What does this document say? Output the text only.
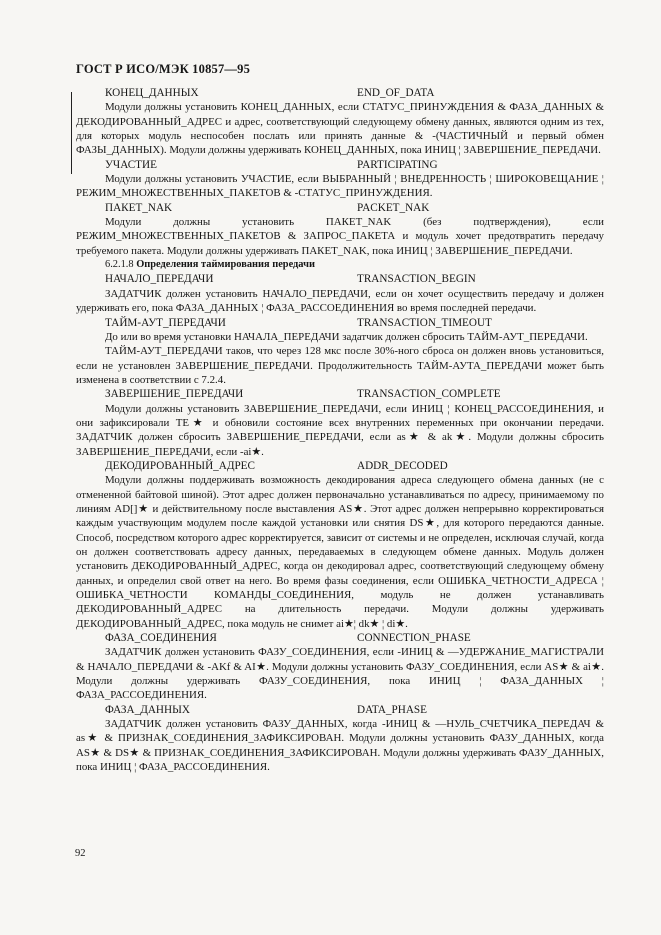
ГОСТ Р ИСО/МЭК 10857—95
КОНЕЦ_ДАННЫХ	END_OF_DATA

Модули должны установить КОНЕЦ_ДАННЫХ, если СТАТУС_ПРИНУЖДЕНИЯ & ФАЗА_ДАННЫХ & ДЕКОДИРОВАННЫЙ_АДРЕС и адрес, соответствующий следующему обмену данных, являются одним из тех, для которых модуль неспособен послать или принять данные & -(ЧАСТИЧНЫЙ и первый обмен ФАЗЫ_ДАННЫХ). Модули должны удерживать КОНЕЦ_ДАННЫХ, пока ИНИЦ ¦ ЗАВЕРШЕНИЕ_ПЕРЕДАЧИ.

УЧАСТИЕ	PARTICIPATING

Модули должны установить УЧАСТИЕ, если ВЫБРАННЫЙ ¦ ВНЕДРЕННОСТЬ ¦ ШИРОКОВЕЩАНИЕ ¦ РЕЖИМ_МНОЖЕСТВЕННЫХ_ПАКЕТОВ & -СТАТУС_ПРИНУЖДЕНИЯ.

ПАКЕТ_NAK	PACKET_NAK

Модули должны установить ПАКЕТ_NAK (без подтверждения), если РЕЖИМ_МНОЖЕСТВЕННЫХ_ПАКЕТОВ & ЗАПРОС_ПАКЕТА и модуль хочет предотвратить передачу требуемого пакета. Модули должны удерживать ПАКЕТ_NAK, пока ИНИЦ ¦ ЗАВЕРШЕНИЕ_ПЕРЕДАЧИ.

6.2.1.8 Определения таймирования передачи
НАЧАЛО_ПЕРЕДАЧИ	TRANSACTION_BEGIN

ЗАДАТЧИК должен установить НАЧАЛО_ПЕРЕДАЧИ, если он хочет осуществить передачу и должен удерживать его, пока ФАЗА_ДАННЫХ ¦ ФАЗА_РАССОЕДИНЕНИЯ во время последней передачи.

ТАЙМ-АУТ_ПЕРЕДАЧИ	TRANSACTION_TIMEOUT

До или во время установки НАЧАЛА_ПЕРЕДАЧИ задатчик должен сбросить ТАЙМ-АУТ_ПЕРЕДАЧИ.

ТАЙМ-АУТ_ПЕРЕДАЧИ таков, что через 128 мкс после 30%-ного сброса он должен вновь установиться, если не установлен ЗАВЕРШЕНИЕ_ПЕРЕДАЧИ. Продолжительность ТАЙМ-АУТА_ПЕРЕДАЧИ может быть изменена в соответствии с 7.2.4.

ЗАВЕРШЕНИЕ_ПЕРЕДАЧИ	TRANSACTION_COMPLETE

Модули должны установить ЗАВЕРШЕНИЕ_ПЕРЕДАЧИ, если ИНИЦ ¦ КОНЕЦ_РАССОЕДИНЕНИЯ, и они зафиксировали ТЕ★ и обновили состояние всех внутренних переменных при окончании передачи. ЗАДАТЧИК должен сбросить ЗАВЕРШЕНИЕ_ПЕРЕДАЧИ, если as★ & ak★. Модули должны сбросить ЗАВЕРШЕНИЕ_ПЕРЕДАЧИ, если -ai★.

ДЕКОДИРОВАННЫЙ_АДРЕС	ADDR_DECODED

Модули должны поддерживать возможность декодирования адреса следующего обмена данных (не с отмененной байтовой шиной). Этот адрес должен первоначально устанавливаться по адресу, принимаемому по линиям AD[]★ и действительному после выставления AS★. Этот адрес должен непрерывно корректироваться каждым участвующим модулем после каждой установки или снятия DS★, для которого передаются данные. Способ, посредством которого адрес корректируется, зависит от системы и не определен, исключая случай, когда он должен соответствовать адресу данных, передаваемых в следующем обмене данных. Модуль должен установить ДЕКОДИРОВАННЫЙ_АДРЕС, когда он декодировал адрес, соответствующий следующему обмену данных, и определил свой ответ на него. Во время фазы соединения, если ОШИБКА_ЧЕТНОСТИ_АДРЕСА ¦ ОШИБКА_ЧЕТНОСТИ КОМАНДЫ_СОЕДИНЕНИЯ, модуль не должен устанавливать ДЕКОДИРОВАННЫЙ_АДРЕС на длительность передачи. Модули должны удерживать ДЕКОДИРОВАННЫЙ_АДРЕС, пока модуль не снимет ai★¦ dk★ ¦ di★.

ФАЗА_СОЕДИНЕНИЯ	CONNECTION_PHASE

ЗАДАТЧИК должен установить ФАЗУ_СОЕДИНЕНИЯ, если -ИНИЦ & —УДЕРЖАНИЕ_МАГИСТРАЛИ & НАЧАЛО_ПЕРЕДАЧИ & -AKf & AI★. Модули должны установить ФАЗУ_СОЕДИНЕНИЯ, если AS★ & ai★. Модули должны удерживать ФАЗУ_СОЕДИНЕНИЯ, пока ИНИЦ ¦ ФАЗА_ДАННЫХ ¦ ФАЗА_РАССОЕДИНЕНИЯ.

ФАЗА_ДАННЫХ	DATA_PHASE

ЗАДАТЧИК должен установить ФАЗУ_ДАННЫХ, когда -ИНИЦ & —НУЛЬ_СЧЕТЧИКА_ПЕРЕДАЧ & as★ & ПРИЗНАК_СОЕДИНЕНИЯ_ЗАФИКСИРОВАН. Модули должны установить ФАЗУ_ДАННЫХ, когда AS★ & DS★ & ПРИЗНАК_СОЕДИНЕНИЯ_ЗАФИКСИРОВАН. Модули должны удерживать ФАЗУ_ДАННЫХ, пока ИНИЦ ¦ ФАЗА_РАССОЕДИНЕНИЯ.

92
